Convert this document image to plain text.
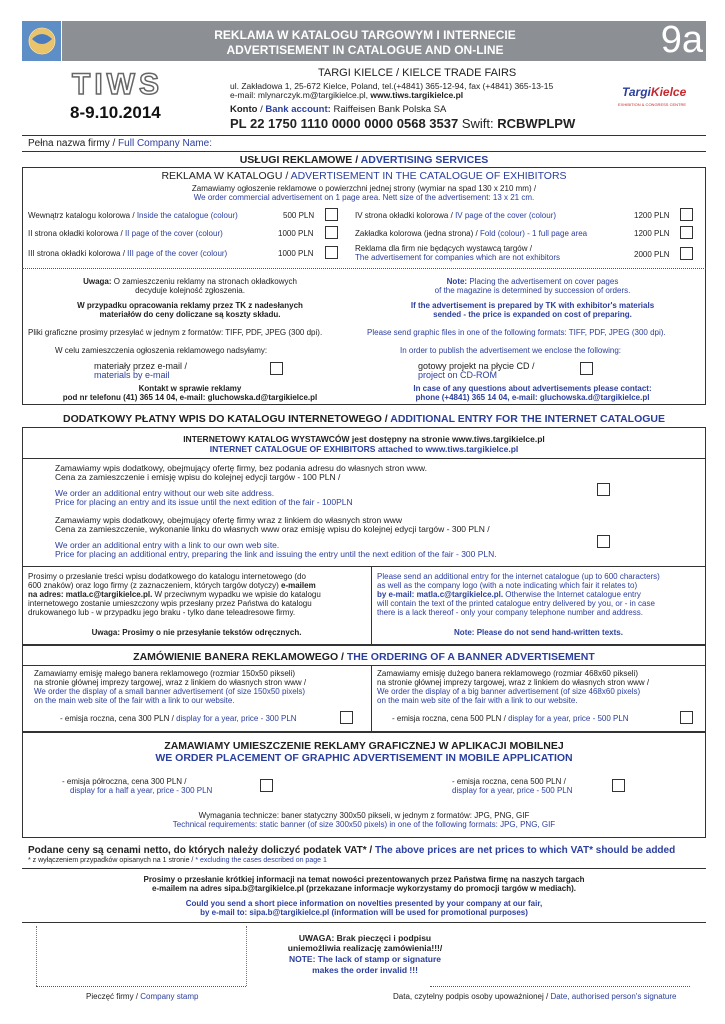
REKLAMA W KATALOGU TARGOWYM I INTERNECIE
ADVERTISEMENT IN CATALOGUE AND ON-LINE	9a
TIWS
8-9.10.2014
TARGI KIELCE / KIELCE TRADE FAIRS
ul. Zakładowa 1, 25-672 Kielce, Poland, tel.(+4841) 365-12-94, fax (+4841) 365-13-15
e-mail: mlynarczyk.m@targikielce.pl, www.tiws.targikielce.pl
Konto / Bank account: Raiffeisen Bank Polska SA
PL 22 1750 1110 0000 0000 0568 3537 Swift: RCBWPLPW
TargiKielce
EXHIBITION & CONGRESS CENTRE
Pełna nazwa firmy / Full Company Name:
USŁUGI REKLAMOWE / ADVERTISING SERVICES
REKLAMA W KATALOGU / ADVERTISEMENT IN THE CATALOGUE OF EXHIBITORS
Zamawiamy ogłoszenie reklamowe o powierzchni jednej strony (wymiar na spad 130 x 210 mm) /
We order commercial advertisement on 1 page area. Nett size of the advertisement: 13 x 21 cm.
Wewnątrz katalogu kolorowa / Inside the catalogue (colour)	500 PLN
II strona okładki kolorowa / II page of the cover (colour)	1000 PLN
III strona okładki kolorowa / III page of the cover (colour)	1000 PLN
IV strona okładki kolorowa / IV page of the cover (colour)	1200 PLN
Zakładka kolorowa (jedna strona) / Fold (colour) - 1 full page area	1200 PLN
Reklama dla firm nie będących wystawcą targów /
The advertisement for companies which are not exhibitors	2000 PLN
Uwaga: O zamieszczeniu reklamy na stronach okładkowych
decyduje kolejność zgłoszenia.
Note: Placing the advertisement on cover pages
of the magazine is determined by succession of orders.
W przypadku opracowania reklamy przez TK z nadesłanych
materiałów do ceny doliczane są koszty składu.
If the advertisement is prepared by TK with exhibitor's materials
sended - the price is expanded on cost of preparing.
Pliki graficzne prosimy przesyłać w jednym z formatów: TIFF, PDF, JPEG (300 dpi).	Please send graphic files in one of the following formats: TIFF, PDF, JPEG (300 dpi).
W celu zamieszczenia ogłoszenia reklamowego nadsyłamy:	In order to publish the advertisement we enclose the following:
materiały przez e-mail /
materials by e-mail
gotowy projekt na płycie CD /
project on CD-ROM
Kontakt w sprawie reklamy
pod nr telefonu (41) 365 14 04, e-mail: gluchowska.d@targikielce.pl
In case of any questions about advertisements please contact:
phone (+4841) 365 14 04, e-mail: gluchowska.d@targikielce.pl
DODATKOWY PŁATNY WPIS DO KATALOGU INTERNETOWEGO / ADDITIONAL ENTRY FOR THE INTERNET CATALOGUE
INTERNETOWY KATALOG WYSTAWCÓW jest dostępny na stronie www.tiws.targikielce.pl
INTERNET CATALOGUE OF EXHIBITORS attached to www.tiws.targikielce.pl
Zamawiamy wpis dodatkowy, obejmujący ofertę firmy, bez podania adresu do własnych stron www.
Cena za zamieszczenie i emisję wpisu do kolejnej edycji targów - 100 PLN /
We order an additional entry without our web site address.
Price for placing an entry and its issue until the next edition of the fair - 100PLN
Zamawiamy wpis dodatkowy, obejmujący ofertę firmy wraz z linkiem do własnych stron www
Cena za zamieszczenie, wykonanie linku do własnych www oraz emisję wpisu do kolejnej edycji targów - 300 PLN /
We order an additional entry with a link to our own web site.
Price for placing an additional entry, preparing the link and issuing the entry until the next edition of the fair - 300 PLN.
Prosimy o przesłanie treści wpisu dodatkowego do katalogu internetowego (do
600 znaków) oraz logo firmy (z zaznaczeniem, których targów dotyczy) e-mailem
na adres: matla.c@targikielce.pl. W przeciwnym wypadku we wpisie do katalogu
internetowego zostanie umieszczony wpis przesłany przez Państwa do katalogu
drukowanego lub - w przypadku jego braku - tylko dane teleadresowe firmy.
Uwaga: Prosimy o nie przesyłanie tekstów odręcznych.
Please send an additional entry for the internet catalogue (up to 600 characters)
as well as the company logo (with a note indicating which fair it relates to)
by e-mail: matla.c@targikielce.pl. Otherwise the Internet catalogue entry
will contain the text of the printed catalogue entry delivered by you, or - in case
there is a lack thereof - only your company telephone number and address.
Note: Please do not send hand-written texts.
ZAMÓWIENIE BANERA REKLAMOWEGO / THE ORDERING OF A BANNER ADVERTISEMENT
Zamawiamy emisję małego banera reklamowego (rozmiar 150x50 pikseli)
na stronie głównej imprezy targowej, wraz z linkiem do własnych stron www /
We order the display of a small banner advertisement (of size 150x50 pixels)
on the main web site of the fair with a link to our website.
- emisja roczna, cena 300 PLN / display for a year, price - 300 PLN
Zamawiamy emisję dużego banera reklamowego (rozmiar 468x60 pikseli)
na stronie głównej imprezy targowej, wraz z linkiem do własnych stron www /
We order the display of a big banner advertisement (of size 468x60 pixels)
on the main web site of the fair with a link to our website.
- emisja roczna, cena 500 PLN / display for a year, price - 500 PLN
ZAMAWIAMY UMIESZCZENIE REKLAMY GRAFICZNEJ W APLIKACJI MOBILNEJ
WE ORDER PLACEMENT OF GRAPHIC ADVERTISEMENT IN MOBILE APPLICATION
- emisja półroczna, cena 300 PLN /
display for a half a year, price - 300 PLN
- emisja roczna, cena 500 PLN /
display for a year, price - 500 PLN
Wymagania technicze: baner statyczny 300x50 pikseli, w jednym z formatów: JPG, PNG, GIF
Technical requirements: static banner (of size 300x50 pixels) in one of the following formats: JPG, PNG, GIF
Podane ceny są cenami netto, do których należy doliczyć podatek VAT* / The above prices are net prices to which VAT* should be added
* z wyłączeniem przypadków opisanych na 1 stronie / * excluding the cases described on page 1
Prosimy o przesłanie krótkiej informacji na temat nowości prezentowanych przez Państwa firmę na naszych targach
e-mailem na adres sipa.b@targikielce.pl (przekazane informacje wykorzystamy do promocji targów w mediach).
Could you send a short piece information on novelties presented by your company at our fair,
by e-mail to: sipa.b@targikielce.pl (information will be used for promotional purposes)
Pieczęć firmy / Company stamp
UWAGA: Brak pieczęci i podpisu
uniemożliwia realizację zamówienia!!!/
NOTE: The lack of stamp or signature
makes the order invalid !!!
Data, czytelny podpis osoby upoważnionej / Date, authorised person's signature
